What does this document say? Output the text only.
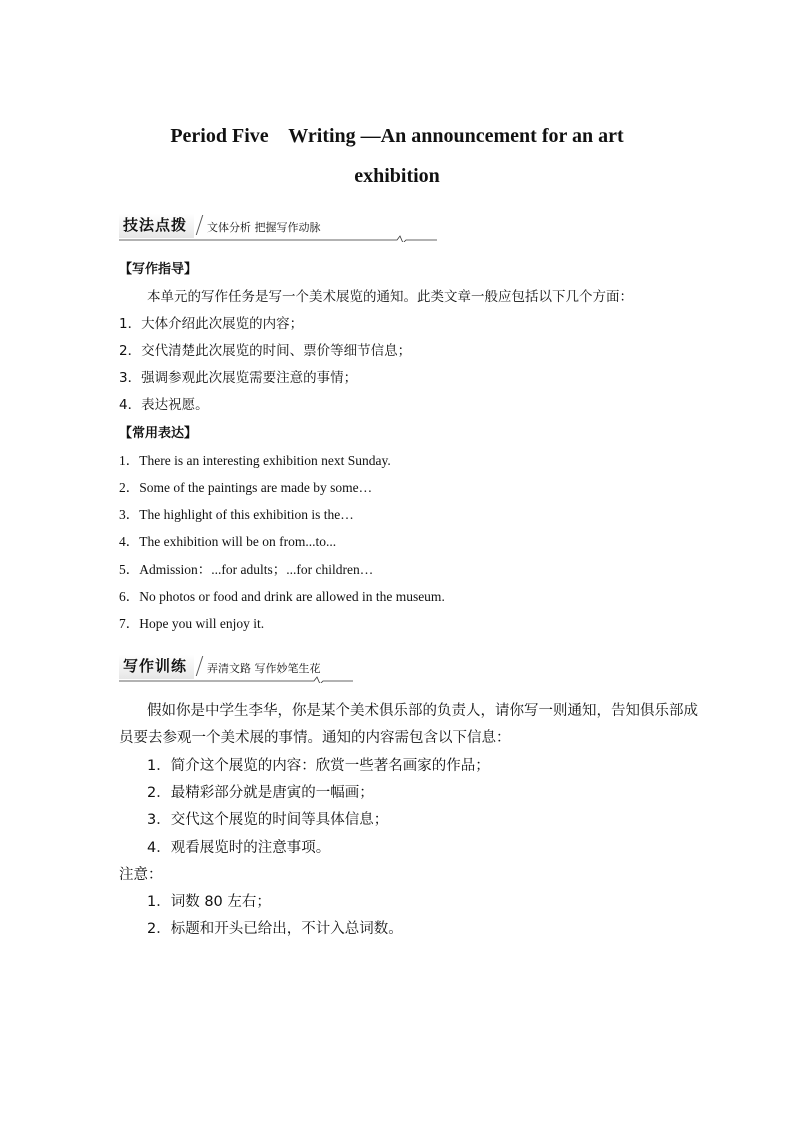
Period Five    Writing —An announcement for an art
exhibition
技法点拨	文体分析 把握写作动脉
【写作指导】
本单元的写作任务是写一个美术展览的通知。此类文章一般应包括以下几个方面：
1．大体介绍此次展览的内容；
2．交代清楚此次展览的时间、票价等细节信息；
3．强调参观此次展览需要注意的事情；
4．表达祝愿。
【常用表达】
1．There is an interesting exhibition next Sunday.
2．Some of the paintings are made by some…
3．The highlight of this exhibition is the…
4．The exhibition will be on from...to...
5．Admission：...for adults；...for children…
6．No photos or food and drink are allowed in the museum.
7．Hope you will enjoy it.
写作训练	弄清文路 写作妙笔生花
假如你是中学生李华，你是某个美术俱乐部的负责人，请你写一则通知，告知俱乐部成
员要去参观一个美术展的事情。通知的内容需包含以下信息：
1．简介这个展览的内容：欣赏一些著名画家的作品；
2．最精彩部分就是唐寅的一幅画；
3．交代这个展览的时间等具体信息；
4．观看展览时的注意事项。
注意：
1．词数 80 左右；
2．标题和开头已给出，不计入总词数。
